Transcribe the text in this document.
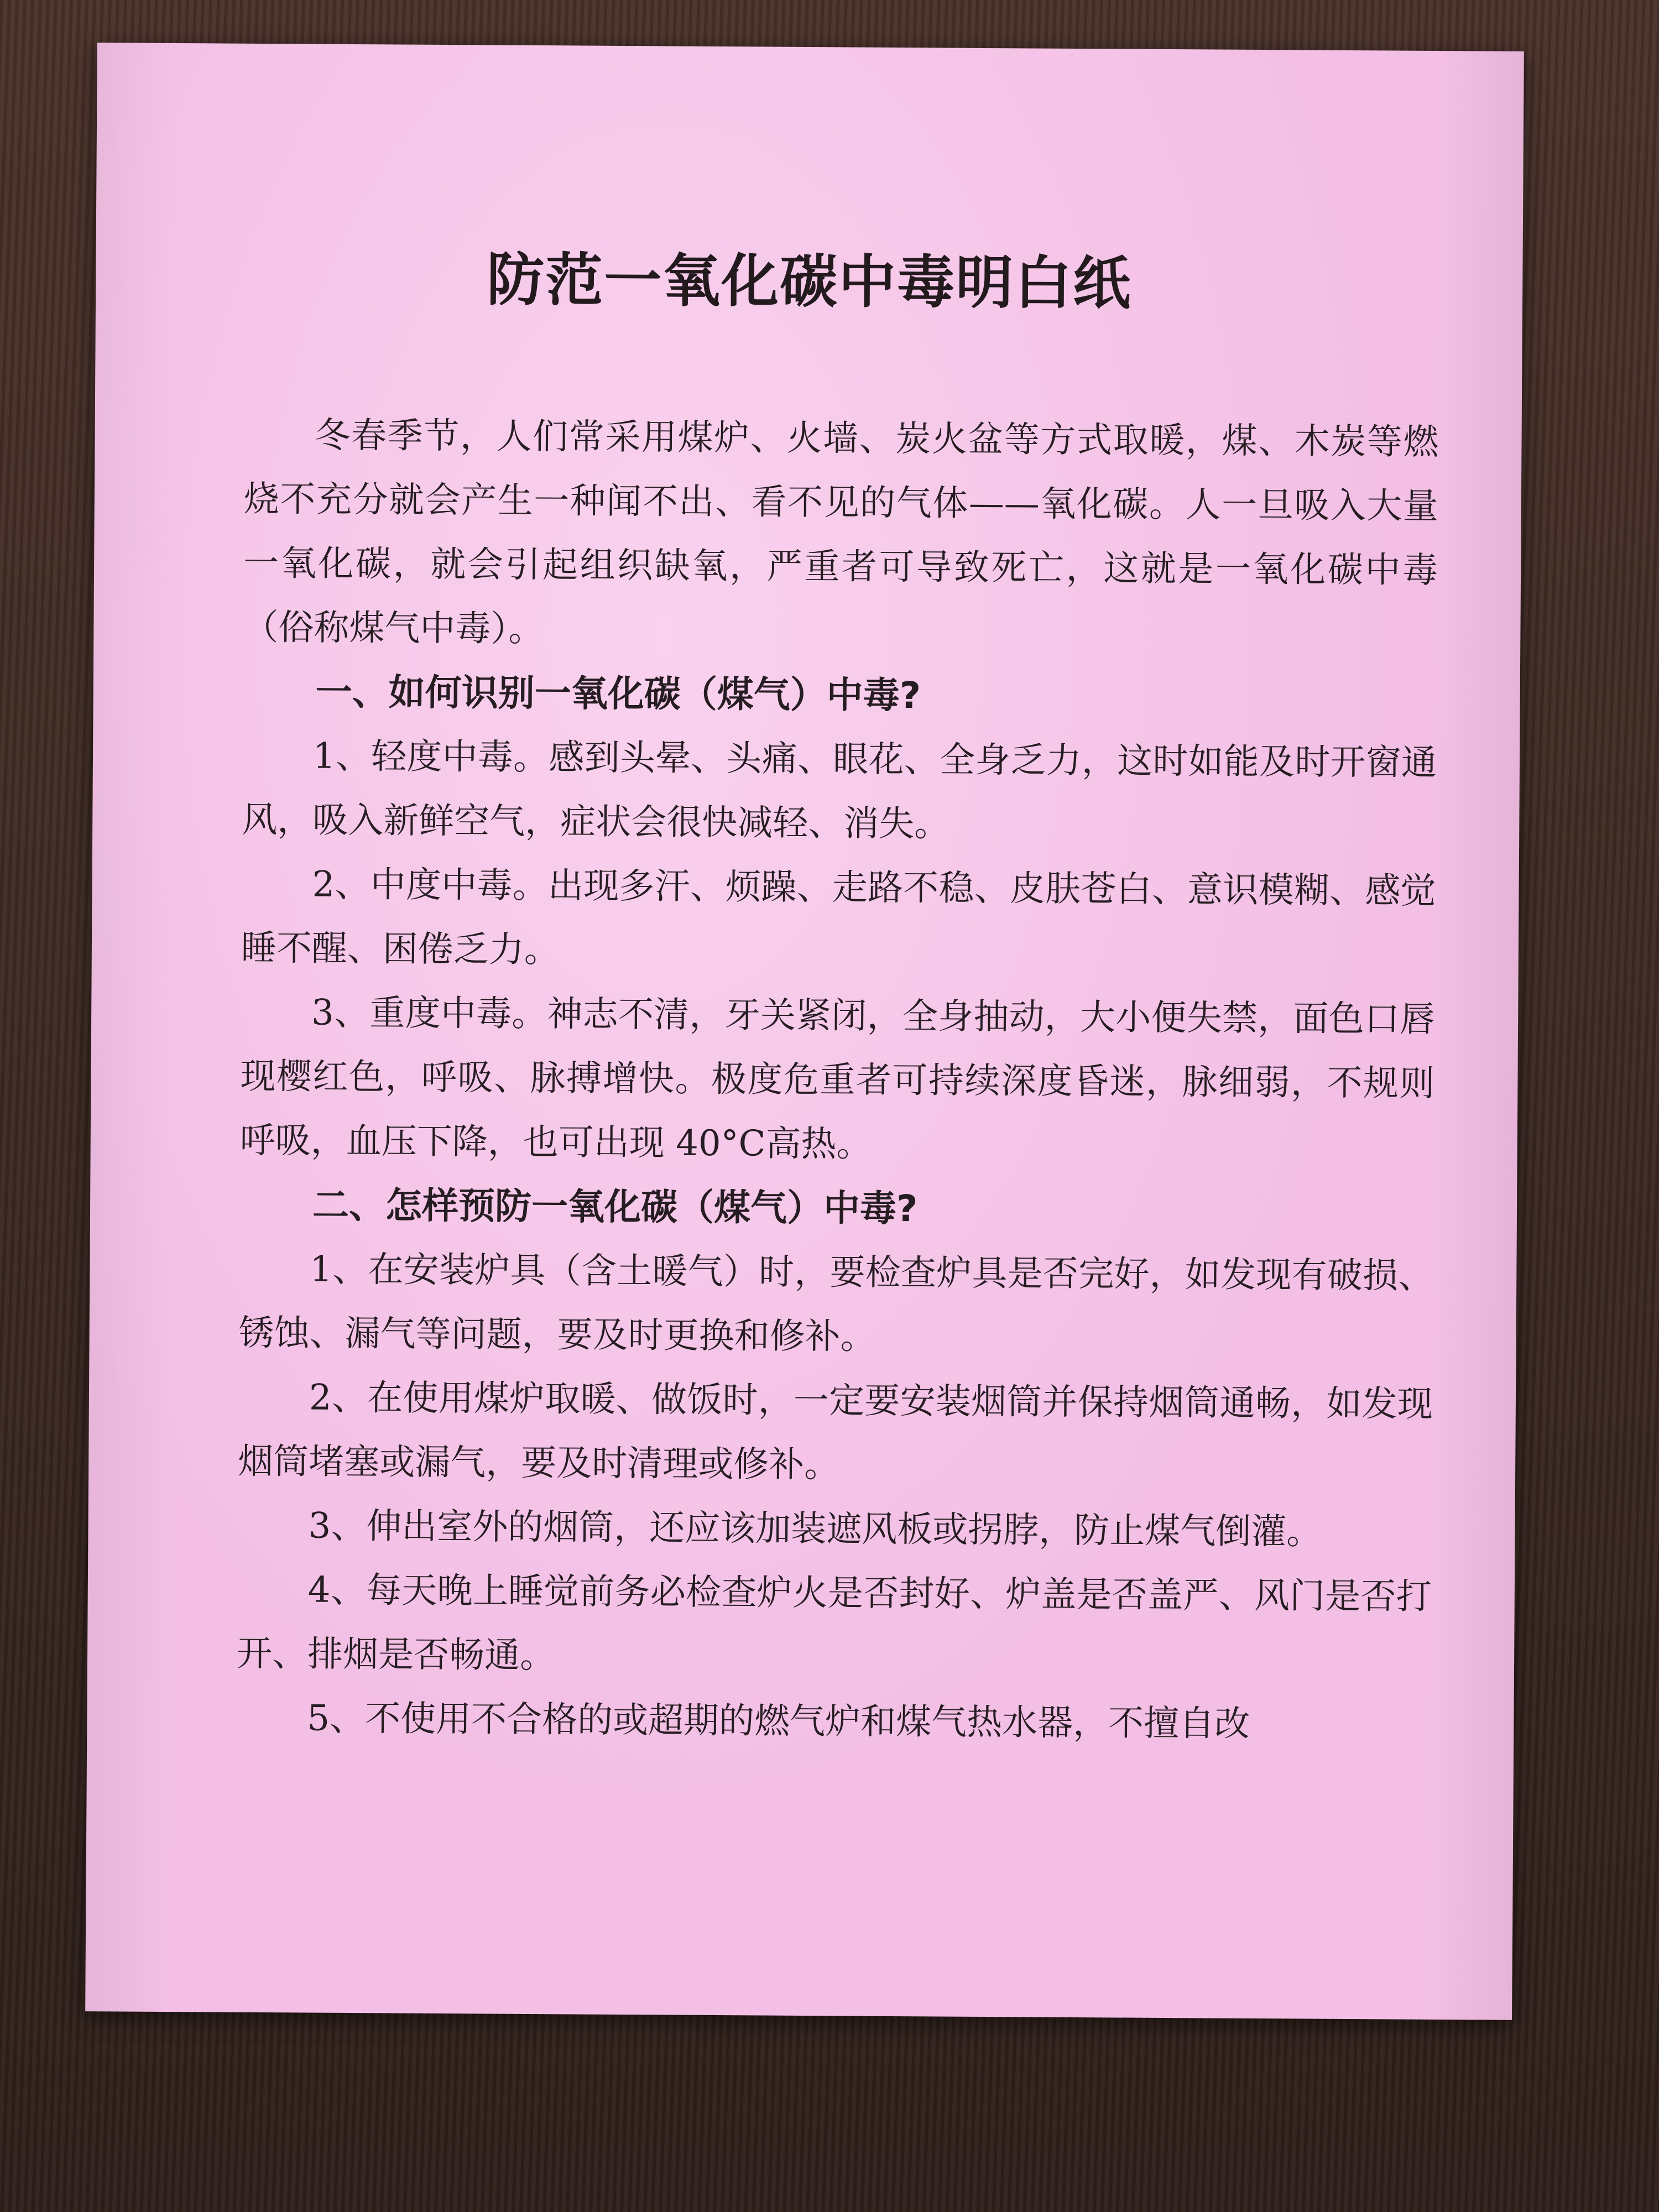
防范一氧化碳中毒明白纸

冬春季节，人们常采用煤炉、火墙、炭火盆等方式取暖，煤、木炭等燃烧不充分就会产生一种闻不出、看不见的气体——氧化碳。人一旦吸入大量一氧化碳，就会引起组织缺氧，严重者可导致死亡，这就是一氧化碳中毒（俗称煤气中毒）。

一、如何识别一氧化碳（煤气）中毒?

1、轻度中毒。感到头晕、头痛、眼花、全身乏力，这时如能及时开窗通风，吸入新鲜空气，症状会很快减轻、消失。

2、中度中毒。出现多汗、烦躁、走路不稳、皮肤苍白、意识模糊、感觉睡不醒、困倦乏力。

3、重度中毒。神志不清，牙关紧闭，全身抽动，大小便失禁，面色口唇现樱红色，呼吸、脉搏增快。极度危重者可持续深度昏迷，脉细弱，不规则呼吸，血压下降，也可出现 40°C高热。

二、怎样预防一氧化碳（煤气）中毒?

1、在安装炉具（含土暖气）时，要检查炉具是否完好，如发现有破损、锈蚀、漏气等问题，要及时更换和修补。

2、在使用煤炉取暖、做饭时，一定要安装烟筒并保持烟筒通畅，如发现烟筒堵塞或漏气，要及时清理或修补。

3、伸出室外的烟筒，还应该加装遮风板或拐脖，防止煤气倒灌。

4、每天晚上睡觉前务必检查炉火是否封好、炉盖是否盖严、风门是否打开、排烟是否畅通。

5、不使用不合格的或超期的燃气炉和煤气热水器，不擅自改
